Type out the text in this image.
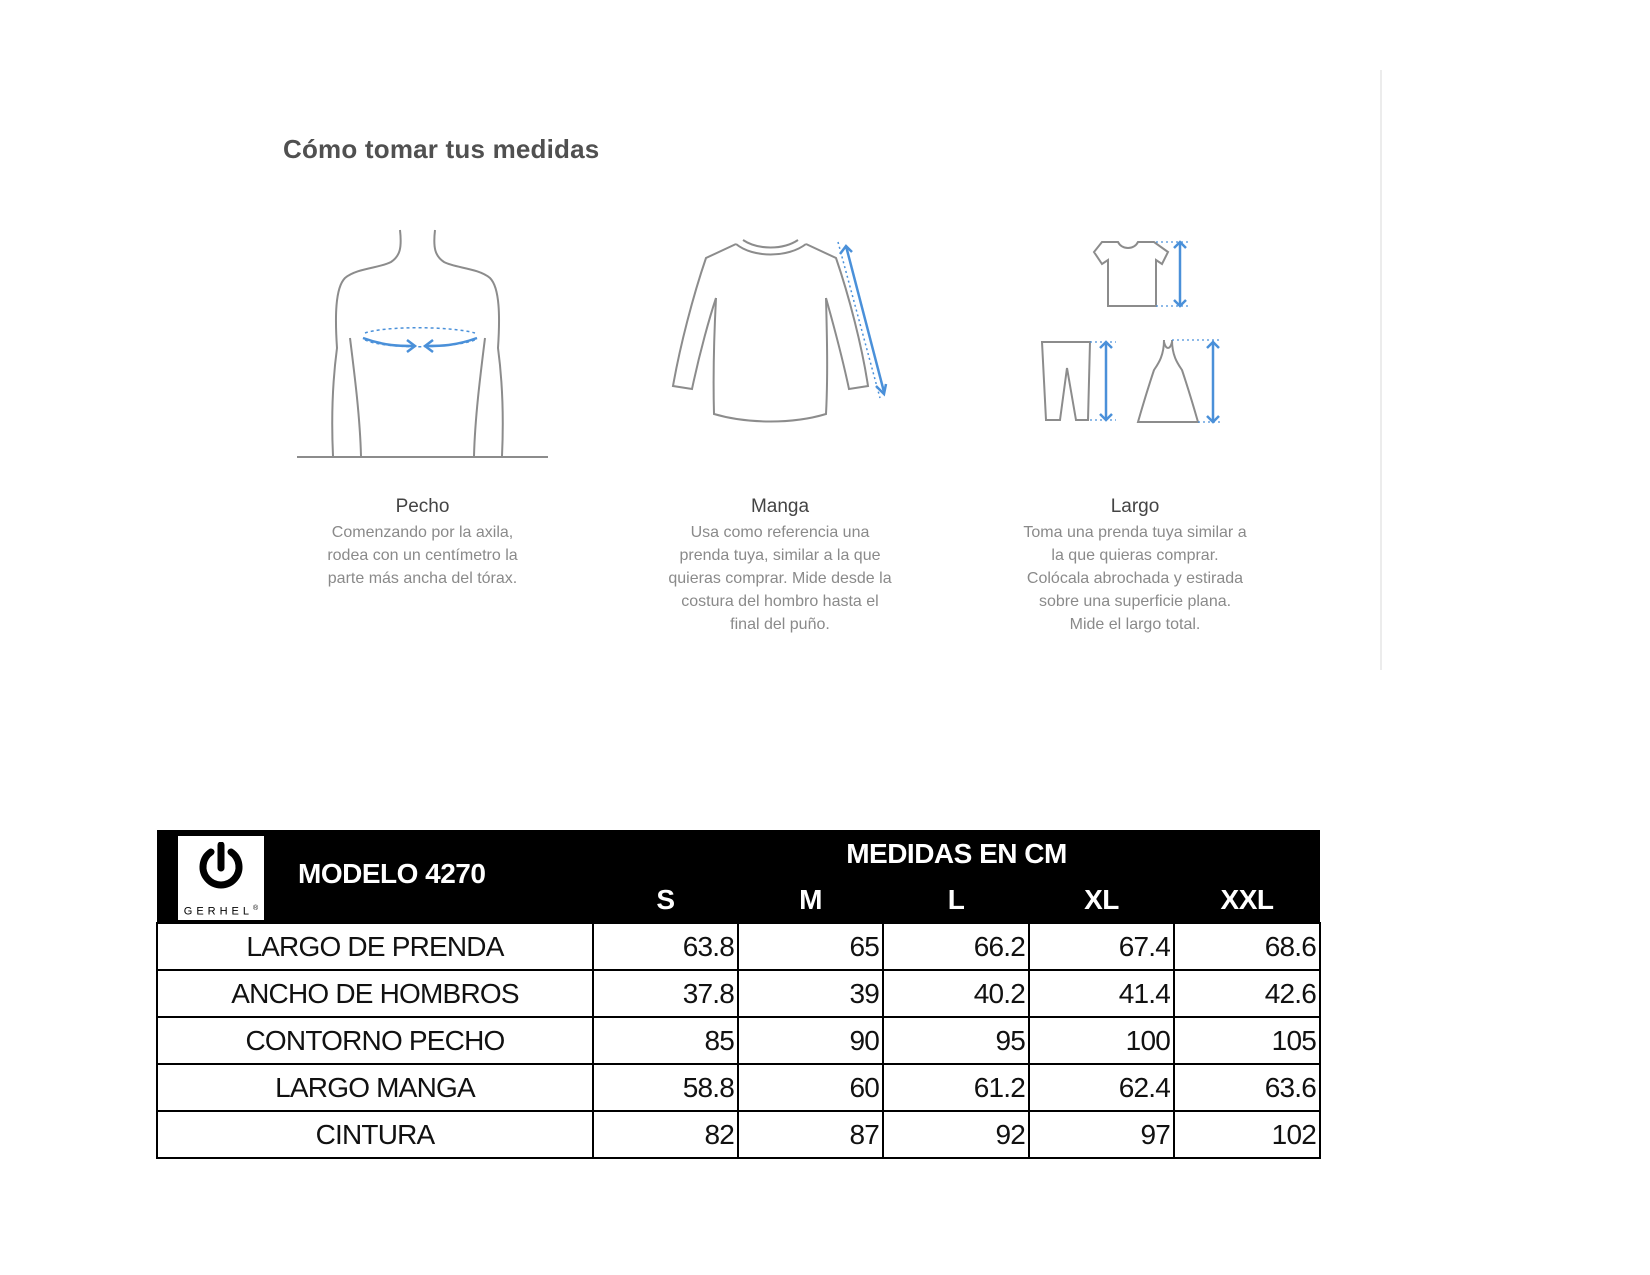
Cómo tomar tus medidas
Pecho
Comenzando por la axila,
rodea con un centímetro la
parte más ancha del tórax.
Manga
Usa como referencia una
prenda tuya, similar a la que
quieras comprar. Mide desde la
costura del hombro hasta el
final del puño.
Largo
Toma una prenda tuya similar a
la que quieras comprar.
Colócala abrochada y estirada
sobre una superficie plana.
Mide el largo total.
GERHEL®
MODELO 4270	MEDIDAS EN CM				
	S	M	L	XL	XXL
LARGO DE PRENDA	63.8	65	66.2	67.4	68.6
ANCHO DE HOMBROS	37.8	39	40.2	41.4	42.6
CONTORNO PECHO	85	90	95	100	105
LARGO MANGA	58.8	60	61.2	62.4	63.6
CINTURA	82	87	92	97	102
